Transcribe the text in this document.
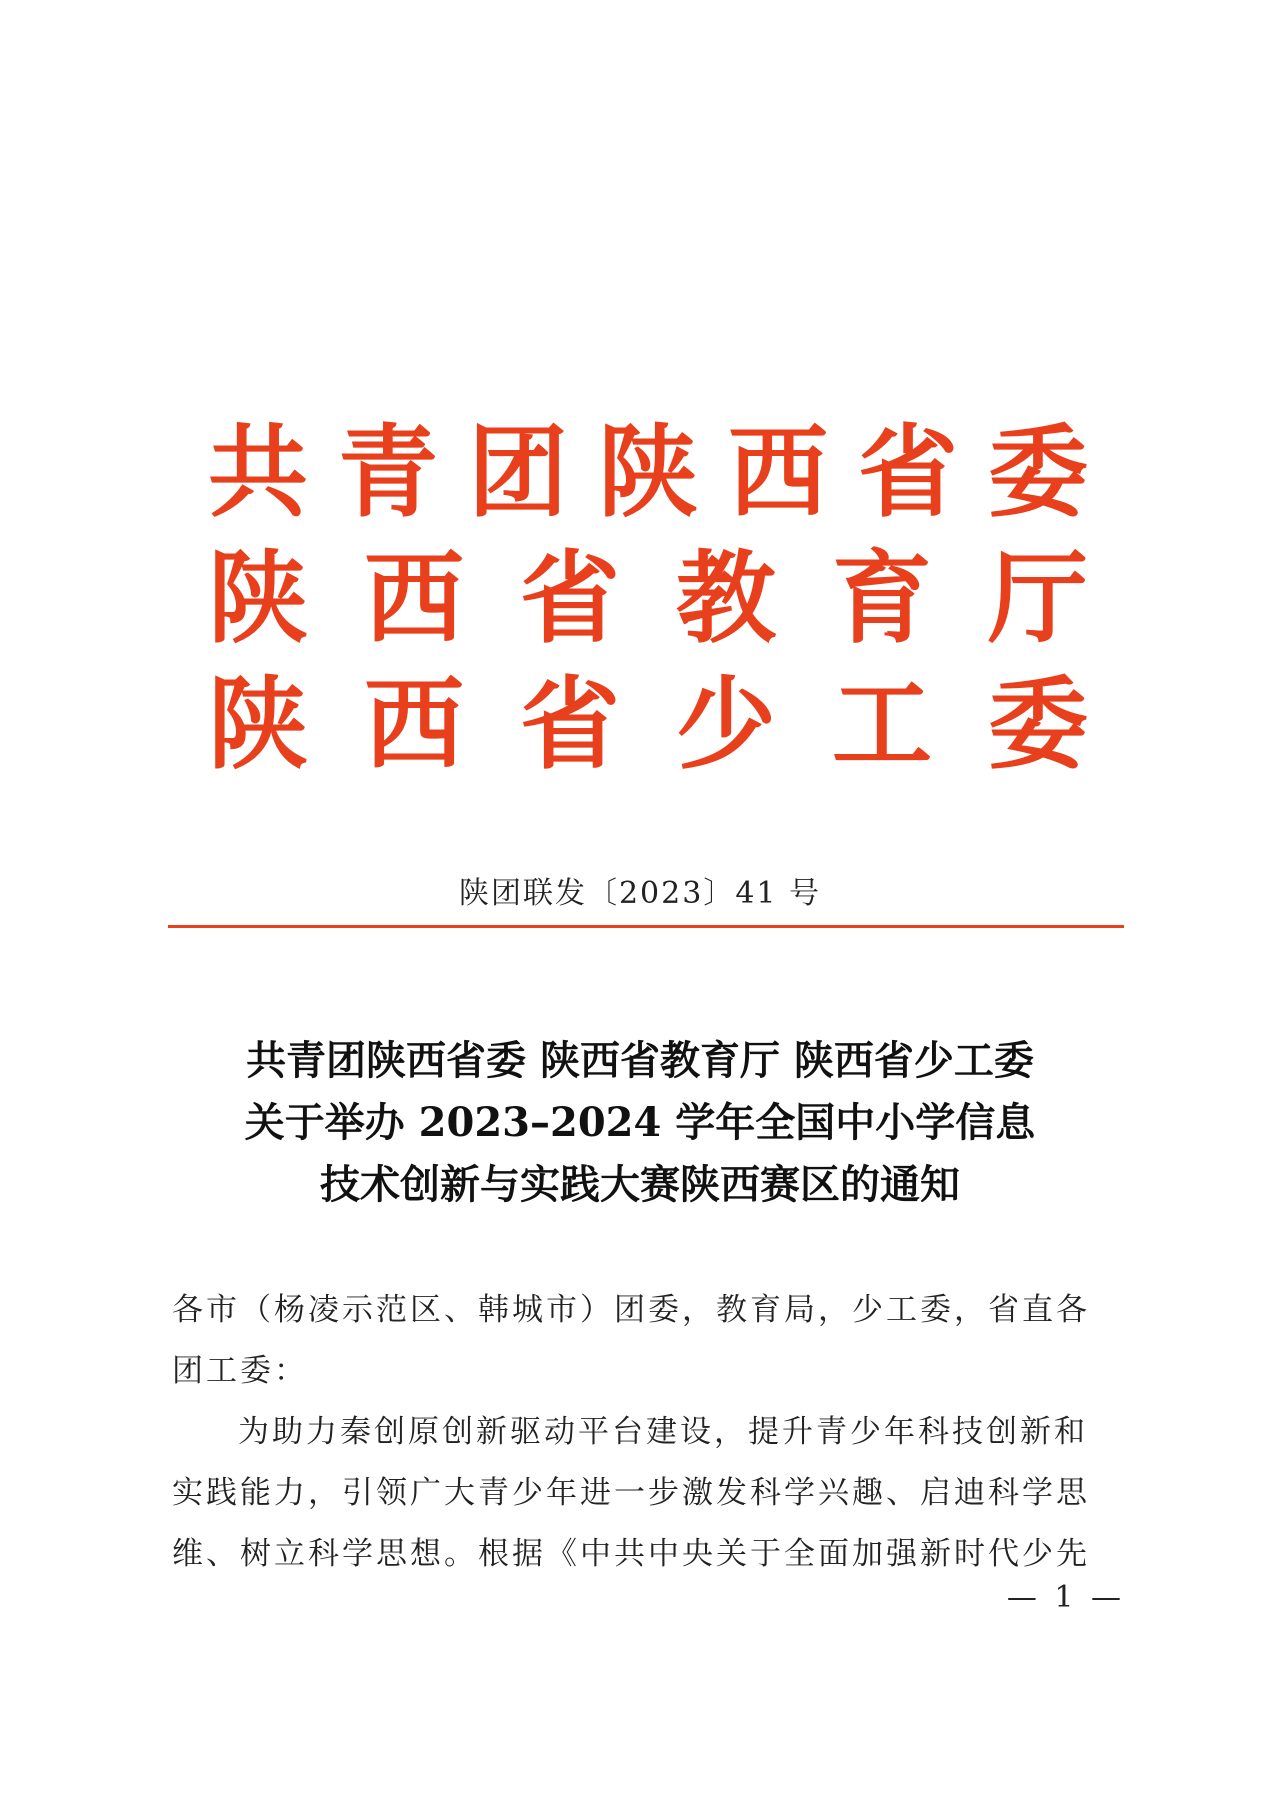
共 青 团 陕 西 省 委
陕 西 省 教 育 厅
陕 西 省 少 工 委
陕团联发〔2023〕41 号
共青团陕西省委 陕西省教育厅 陕西省少工委
关于举办 2023–2024 学年全国中小学信息
技术创新与实践大赛陕西赛区的通知

各市（杨凌示范区、韩城市）团委，教育局，少工委，省直各团工委：

为助力秦创原创新驱动平台建设，提升青少年科技创新和实践能力，引领广大青少年进一步激发科学兴趣、启迪科学思维、树立科学思想。根据《中共中央关于全面加强新时代少先

— 1 —
